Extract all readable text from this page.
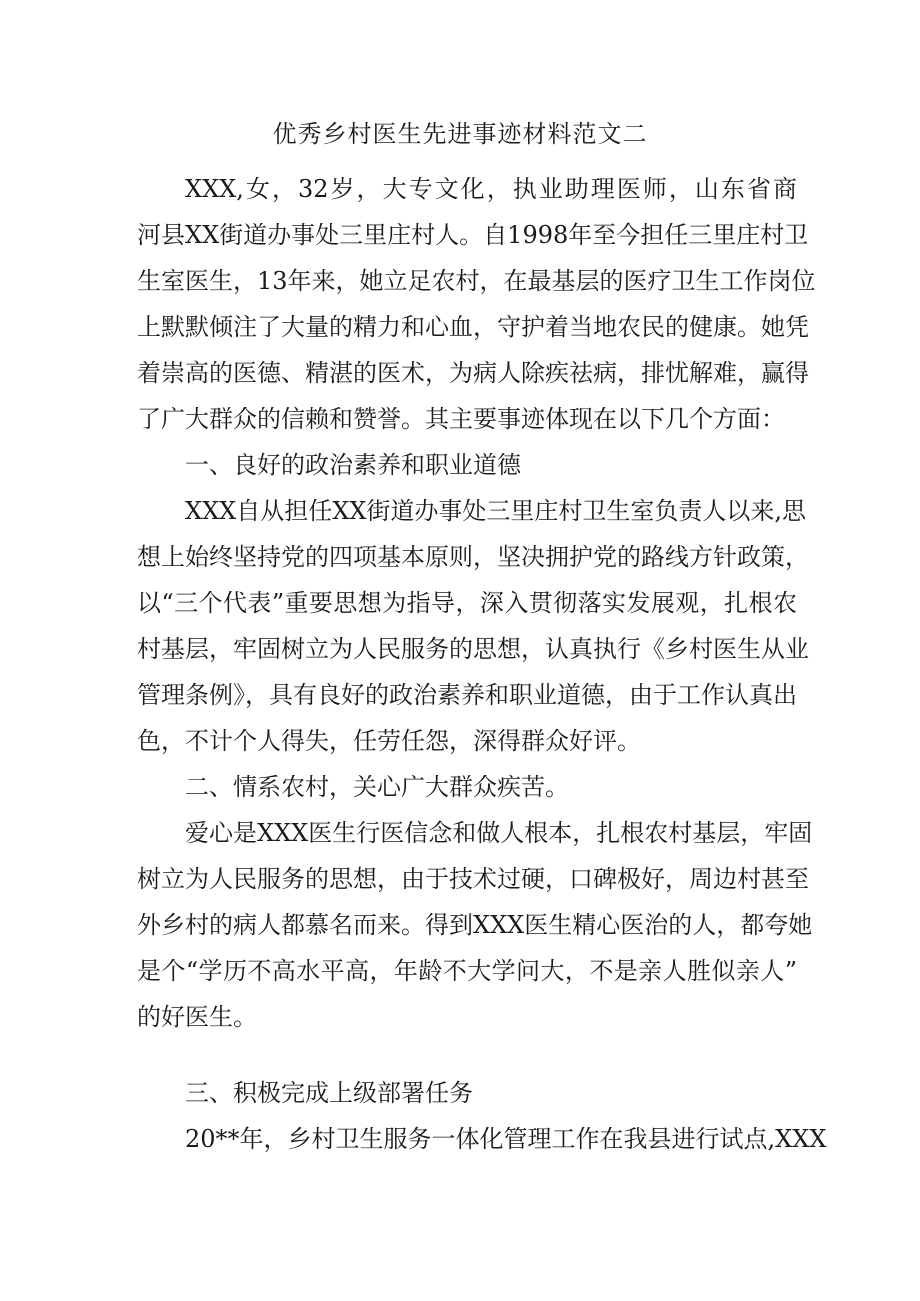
优秀乡村医生先进事迹材料范文二
XXX,女，32岁，大专文化，执业助理医师，山东省商
河县XX街道办事处三里庄村人。自1998年至今担任三里庄村卫
生室医生，13年来，她立足农村，在最基层的医疗卫生工作岗位
上默默倾注了大量的精力和心血，守护着当地农民的健康。她凭
着崇高的医德、精湛的医术，为病人除疾祛病，排忧解难，赢得
了广大群众的信赖和赞誉。其主要事迹体现在以下几个方面：
一、良好的政治素养和职业道德
XXX自从担任XX街道办事处三里庄村卫生室负责人以来,思
想上始终坚持党的四项基本原则，坚决拥护党的路线方针政策，
以“三个代表”重要思想为指导，深入贯彻落实发展观，扎根农
村基层，牢固树立为人民服务的思想，认真执行《乡村医生从业
管理条例》，具有良好的政治素养和职业道德，由于工作认真出
色，不计个人得失，任劳任怨，深得群众好评。
二、情系农村，关心广大群众疾苦。
爱心是XXX医生行医信念和做人根本，扎根农村基层，牢固
树立为人民服务的思想，由于技术过硬，口碑极好，周边村甚至
外乡村的病人都慕名而来。得到XXX医生精心医治的人，都夸她
是个“学历不高水平高，年龄不大学问大，不是亲人胜似亲人”
的好医生。
三、积极完成上级部署任务
20**年，乡村卫生服务一体化管理工作在我县进行试点,XXX
